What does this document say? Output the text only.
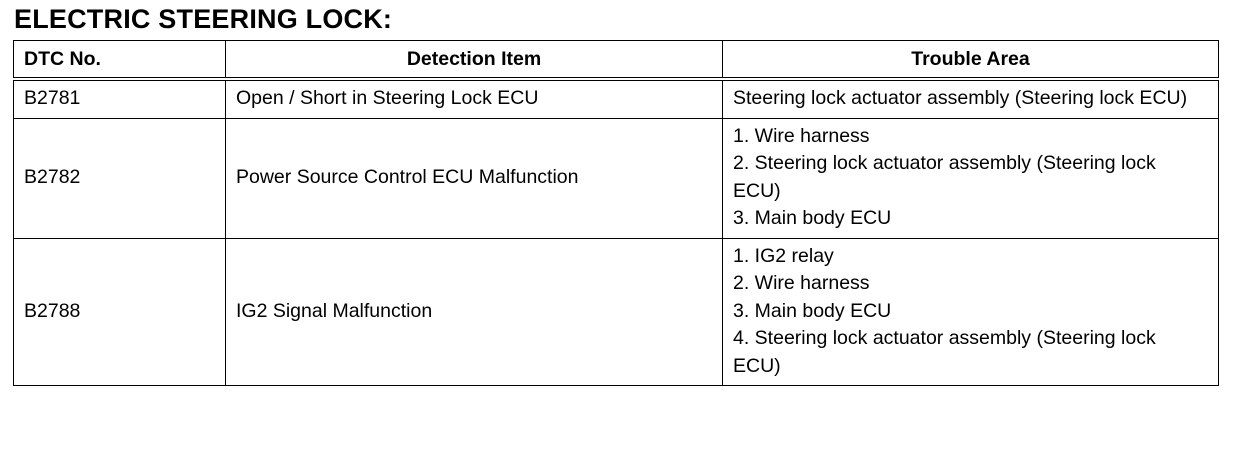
ELECTRIC STEERING LOCK:
DTC No.	Detection Item	Trouble Area
B2781	Open / Short in Steering Lock ECU	Steering lock actuator assembly (Steering lock ECU)

B2782	Power Source Control ECU Malfunction	1. Wire harness
2. Steering lock actuator assembly (Steering lock ECU)
3. Main body ECU

B2788	IG2 Signal Malfunction	1. IG2 relay
2. Wire harness
3. Main body ECU
4. Steering lock actuator assembly (Steering lock ECU)
